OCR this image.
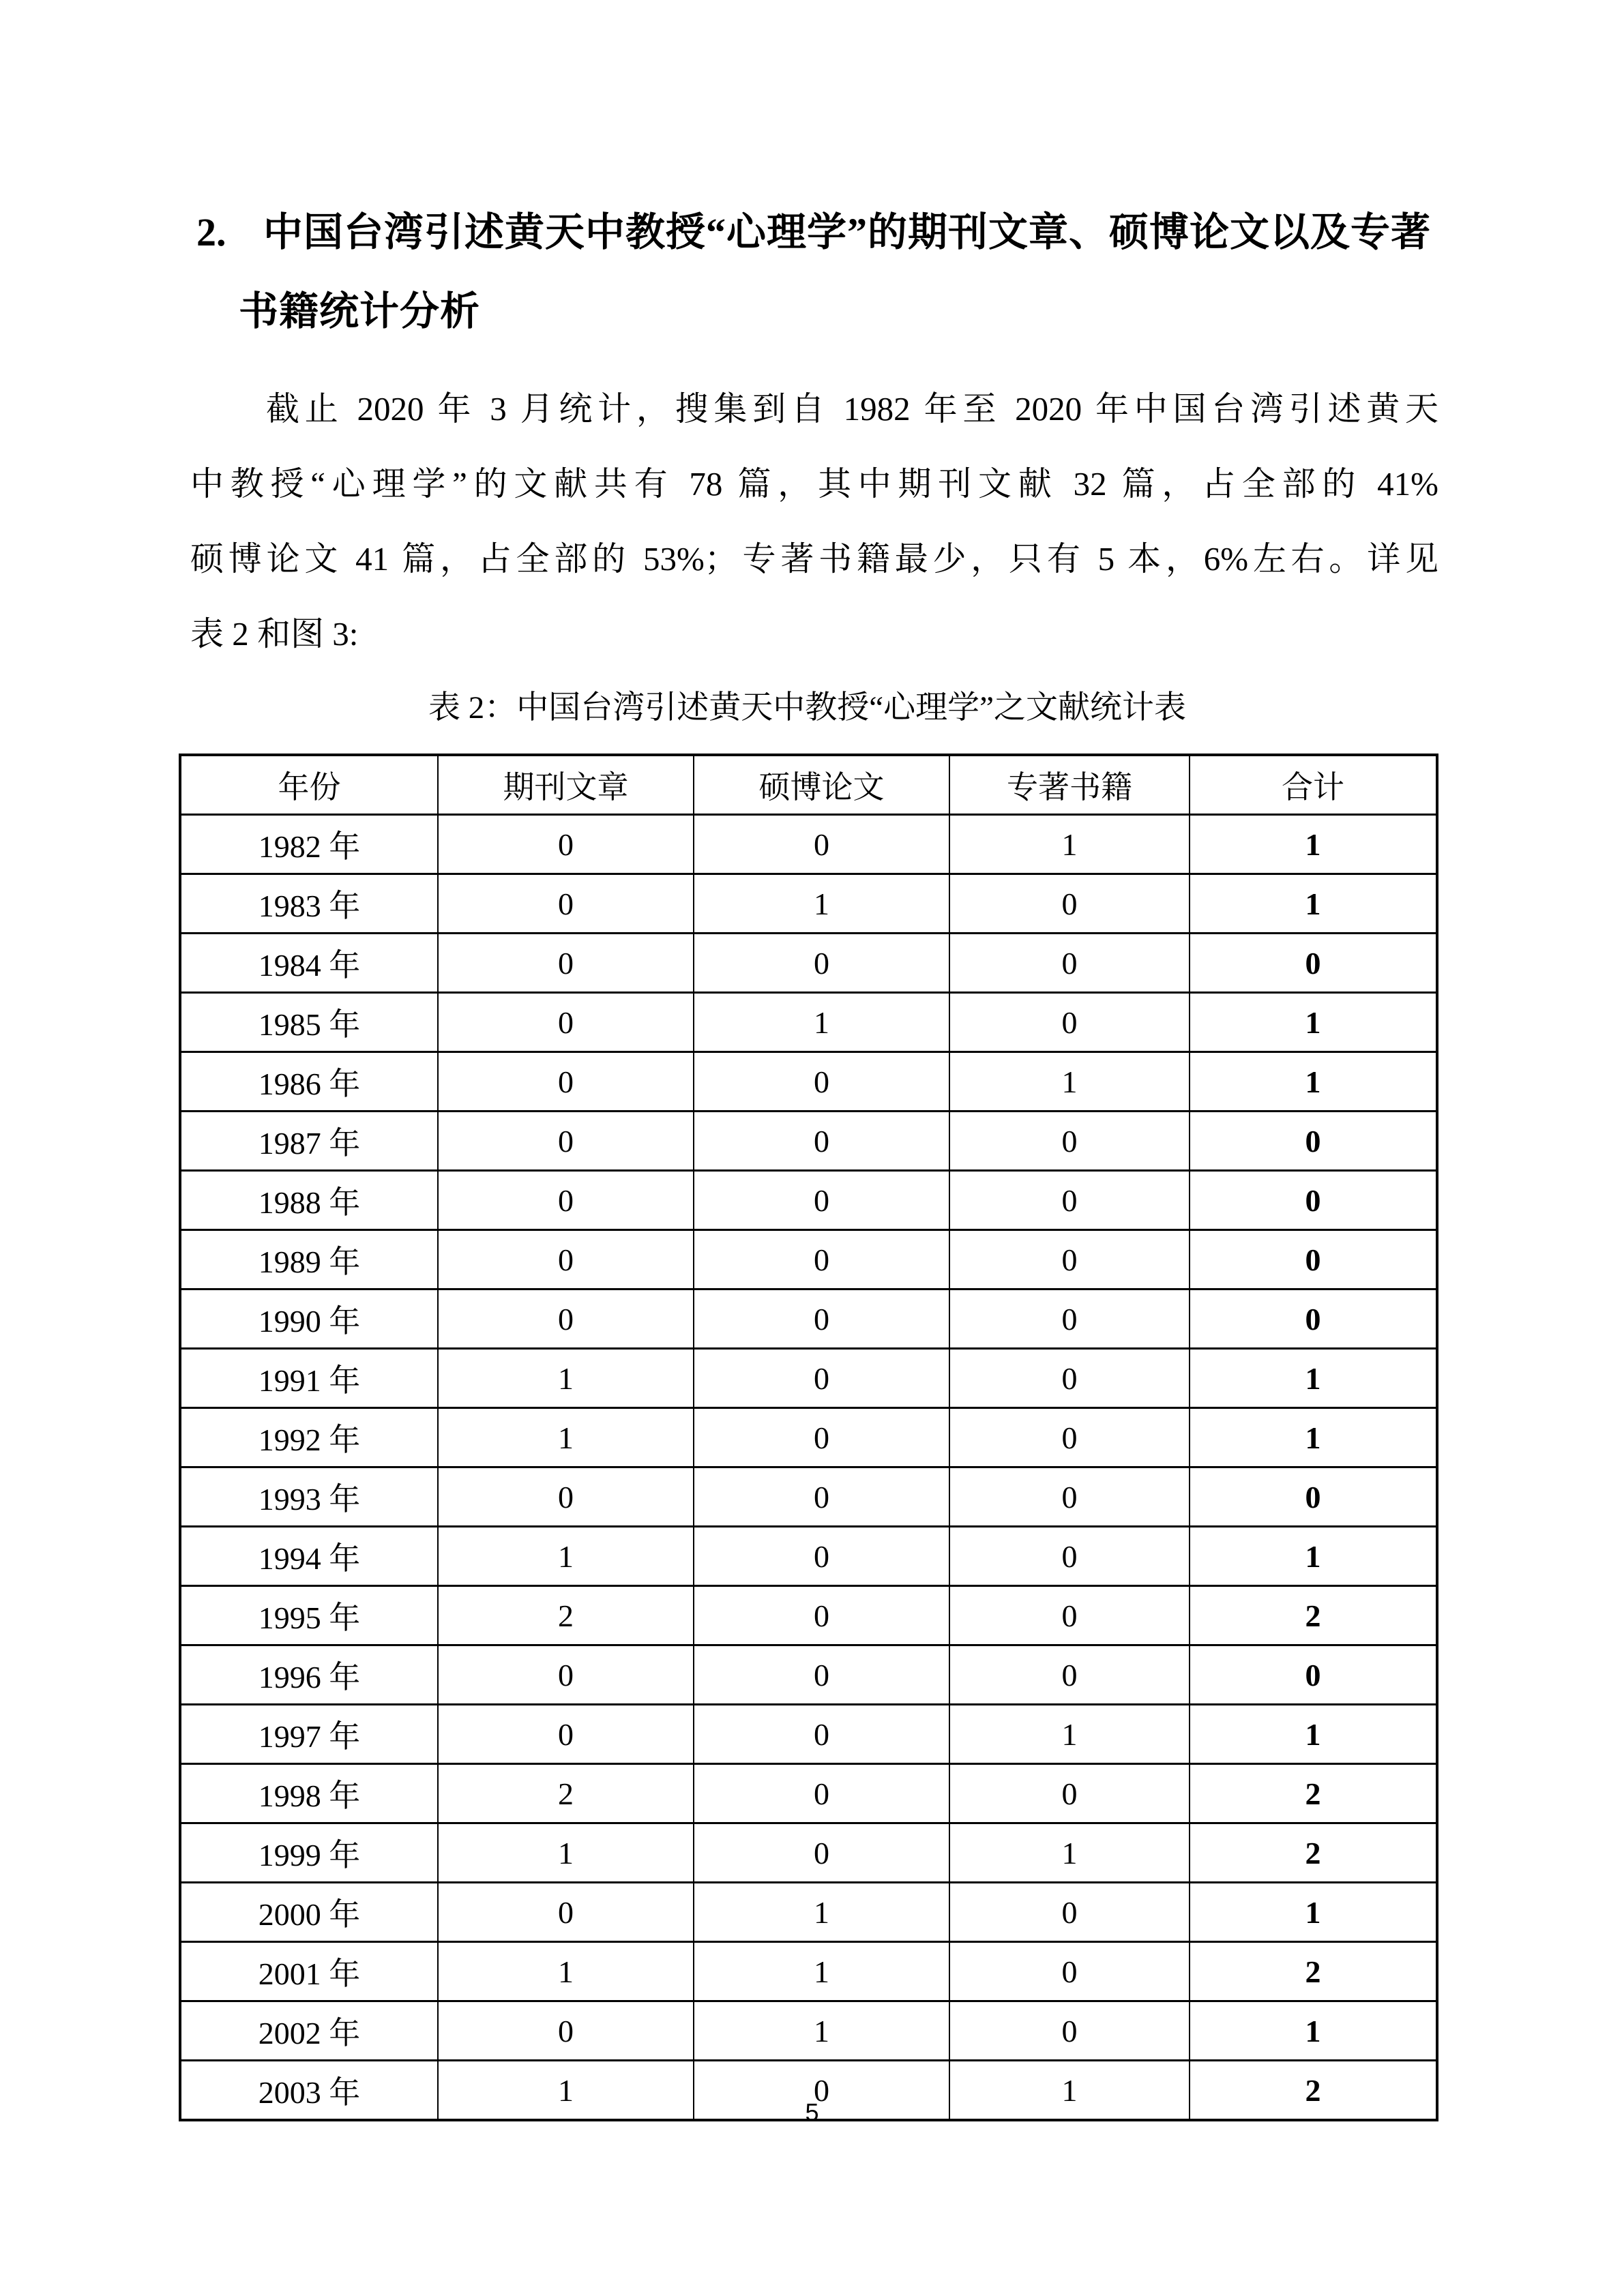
2. 中国台湾引述黄天中教授“心理学”的期刊文章、硕博论文以及专著书籍统计分析
截止 2020 年 3 月统计，搜集到自 1982 年至 2020 年中国台湾引述黄天
中教授“心理学”的文献共有 78 篇，其中期刊文献 32 篇，占全部的 41%
硕博论文 41 篇，占全部的 53%；专著书籍最少，只有 5 本，6%左右。详见
表 2 和图 3:
表 2：中国台湾引述黄天中教授“心理学”之文献统计表
年份	期刊文章	硕博论文	专著书籍	合计
1982 年	0	0	1	1
1983 年	0	1	0	1
1984 年	0	0	0	0
1985 年	0	1	0	1
1986 年	0	0	1	1
1987 年	0	0	0	0
1988 年	0	0	0	0
1989 年	0	0	0	0
1990 年	0	0	0	0
1991 年	1	0	0	1
1992 年	1	0	0	1
1993 年	0	0	0	0
1994 年	1	0	0	1
1995 年	2	0	0	2
1996 年	0	0	0	0
1997 年	0	0	1	1
1998 年	2	0	0	2
1999 年	1	0	1	2
2000 年	0	1	0	1
2001 年	1	1	0	2
2002 年	0	1	0	1
2003 年	1	0	1	2
5
